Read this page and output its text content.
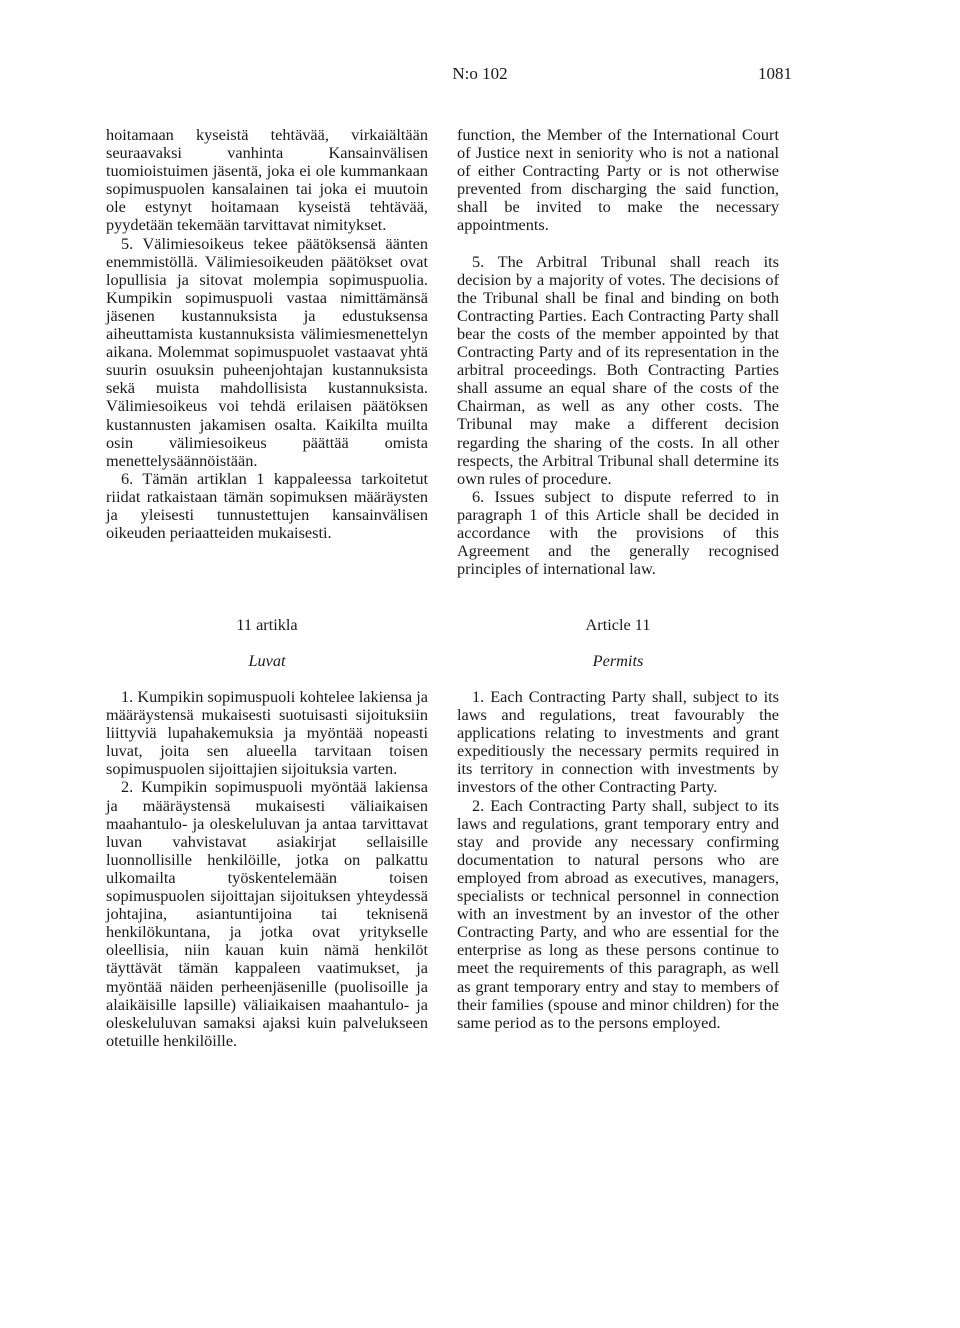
N:o 102	1081

hoitamaan kyseistä tehtävää, virkaiältään seuraavaksi vanhinta Kansainvälisen tuomioistuimen jäsentä, joka ei ole kummankaan sopimuspuolen kansalainen tai joka ei muutoin ole estynyt hoitamaan kyseistä tehtävää, pyydetään tekemään tarvittavat nimitykset.

5. Välimiesoikeus tekee päätöksensä äänten enemmistöllä. Välimiesoikeuden päätökset ovat lopullisia ja sitovat molempia sopimuspuolia. Kumpikin sopimuspuoli vastaa nimittämänsä jäsenen kustannuksista ja edustuksensa aiheuttamista kustannuksista välimiesmenettelyn aikana. Molemmat sopimuspuolet vastaavat yhtä suurin osuuksin puheenjohtajan kustannuksista sekä muista mahdollisista kustannuksista. Välimiesoikeus voi tehdä erilaisen päätöksen kustannusten jakamisen osalta. Kaikilta muilta osin välimiesoikeus päättää omista menettelysäännöistään.

6. Tämän artiklan 1 kappaleessa tarkoitetut riidat ratkaistaan tämän sopimuksen määräysten ja yleisesti tunnustettujen kansainvälisen oikeuden periaatteiden mukaisesti.

11 artikla

Luvat

1. Kumpikin sopimuspuoli kohtelee lakiensa ja määräystensä mukaisesti suotuisasti sijoituksiin liittyviä lupahakemuksia ja myöntää nopeasti luvat, joita sen alueella tarvitaan toisen sopimuspuolen sijoittajien sijoituksia varten.

2. Kumpikin sopimuspuoli myöntää lakiensa ja määräystensä mukaisesti väliaikaisen maahantulo- ja oleskeluluvan ja antaa tarvittavat luvan vahvistavat asiakirjat sellaisille luonnollisille henkilöille, jotka on palkattu ulkomailta työskentelemään toisen sopimuspuolen sijoittajan sijoituksen yhteydessä johtajina, asiantuntijoina tai teknisenä henkilökuntana, ja jotka ovat yritykselle oleellisia, niin kauan kuin nämä henkilöt täyttävät tämän kappaleen vaatimukset, ja myöntää näiden perheenjäsenille (puolisoille ja alaikäisille lapsille) väliaikaisen maahantulo- ja oleskeluluvan samaksi ajaksi kuin palvelukseen otetuille henkilöille.

function, the Member of the International Court of Justice next in seniority who is not a national of either Contracting Party or is not otherwise prevented from discharging the said function, shall be invited to make the necessary appointments.

5. The Arbitral Tribunal shall reach its decision by a majority of votes. The decisions of the Tribunal shall be final and binding on both Contracting Parties. Each Contracting Party shall bear the costs of the member appointed by that Contracting Party and of its representation in the arbitral proceedings. Both Contracting Parties shall assume an equal share of the costs of the Chairman, as well as any other costs. The Tribunal may make a different decision regarding the sharing of the costs. In all other respects, the Arbitral Tribunal shall determine its own rules of procedure.

6. Issues subject to dispute referred to in paragraph 1 of this Article shall be decided in accordance with the provisions of this Agreement and the generally recognised principles of international law.

Article 11

Permits

1. Each Contracting Party shall, subject to its laws and regulations, treat favourably the applications relating to investments and grant expeditiously the necessary permits required in its territory in connection with investments by investors of the other Contracting Party.

2. Each Contracting Party shall, subject to its laws and regulations, grant temporary entry and stay and provide any necessary confirming documentation to natural persons who are employed from abroad as executives, managers, specialists or technical personnel in connection with an investment by an investor of the other Contracting Party, and who are essential for the enterprise as long as these persons continue to meet the requirements of this paragraph, as well as grant temporary entry and stay to members of their families (spouse and minor children) for the same period as to the persons employed.
